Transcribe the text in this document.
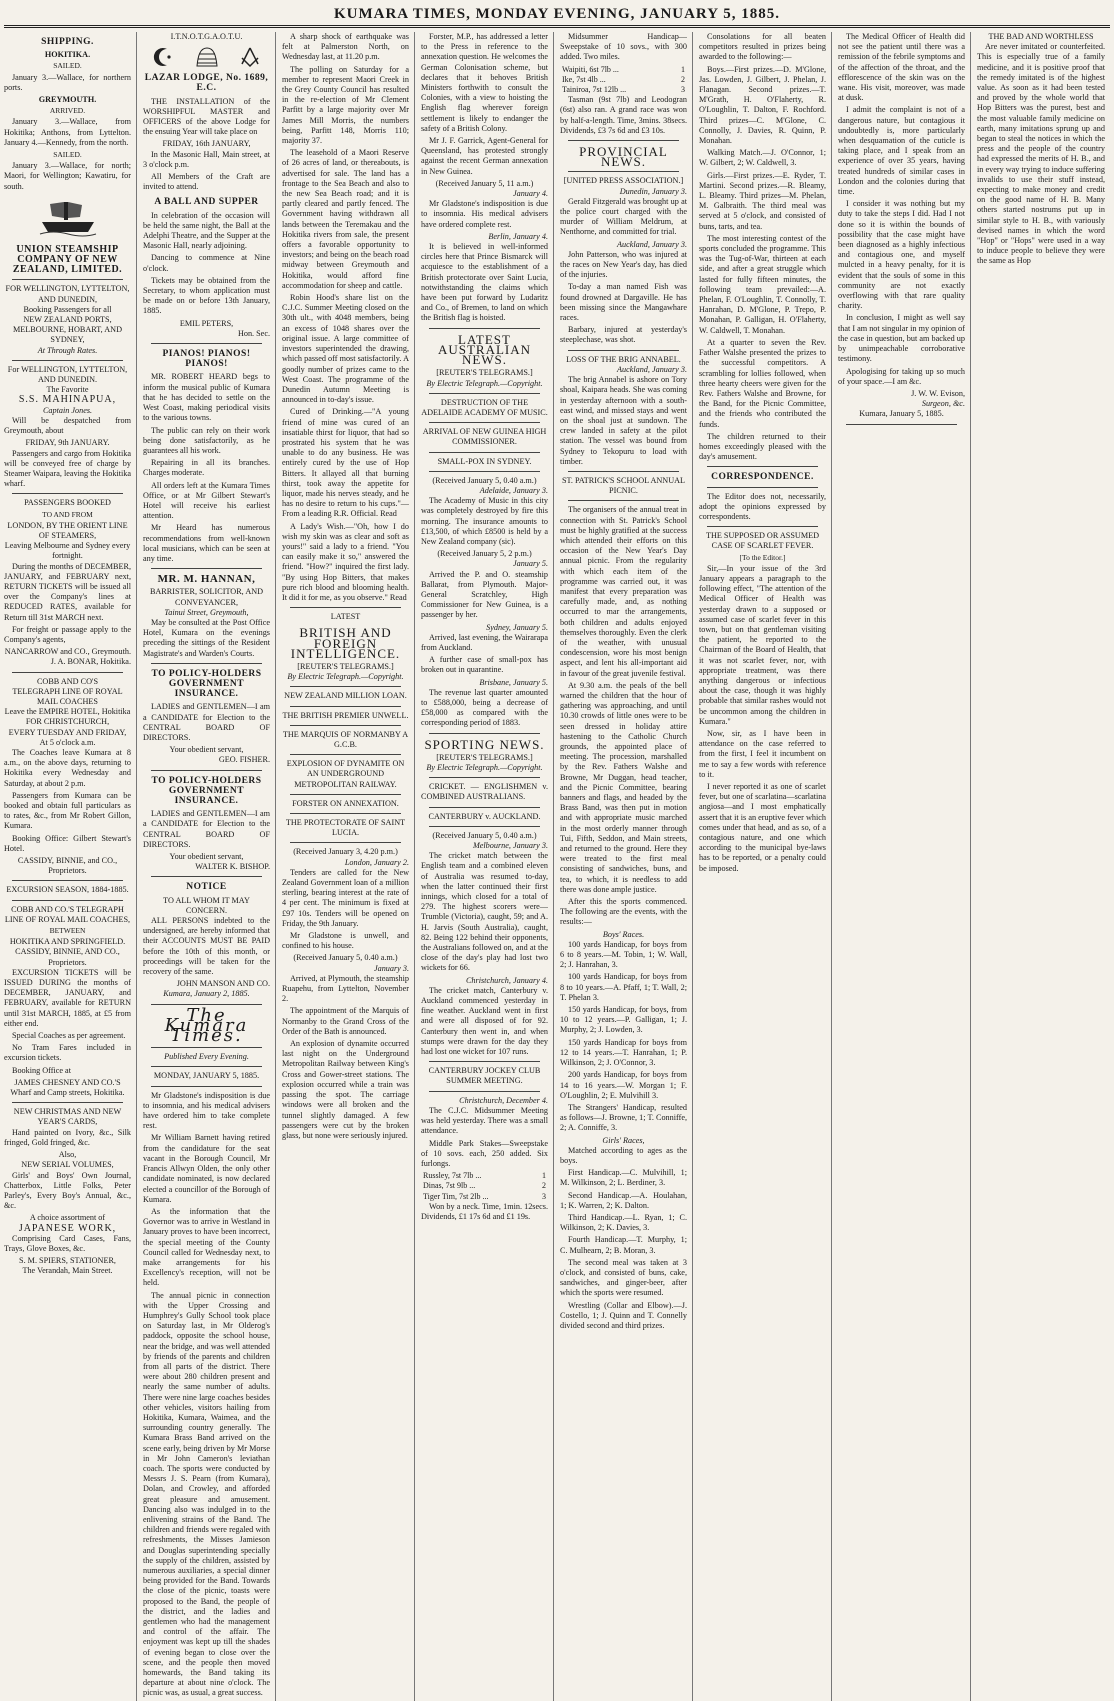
KUMARA TIMES, MONDAY EVENING, JANUARY 5, 1885.
SHIPPING.
HOKITIKA.
SAILED.

January 3.—Wallace, for northern ports.

GREYMOUTH.
ARRIVED.

January 3.—Wallace, from Hokitika; Anthons, from Lyttelton. January 4.—Kennedy, from the north.

SAILED.

January 3.—Wallace, for north; Maori, for Wellington; Kawatiru, for south.

UNION STEAMSHIP COMPANY OF NEW ZEALAND, LIMITED.
FOR WELLINGTON, LYTTELTON, AND DUNEDIN,
Booking Passengers for all
NEW ZEALAND PORTS, MELBOURNE, HOBART, AND SYDNEY,
At Through Rates.
For WELLINGTON, LYTTELTON, AND DUNEDIN.
The Favorite
S.S. MAHINAPUA,
Captain Jones.

Will be despatched from Greymouth, about

FRIDAY, 9th JANUARY.

Passengers and cargo from Hokitika will be conveyed free of charge by Steamer Waipara, leaving the Hokitika wharf.

PASSENGERS BOOKED
TO AND FROM
LONDON, BY THE ORIENT LINE OF STEAMERS,
Leaving Melbourne and Sydney every fortnight.

During the months of DECEMBER, JANUARY, and FEBRUARY next, RETURN TICKETS will be issued all over the Company's lines at REDUCED RATES, available for Return till 31st MARCH next.

For freight or passage apply to the Company's agents,

NANCARROW and CO., Greymouth.
J. A. BONAR, Hokitika.
COBB AND CO'S
TELEGRAPH LINE OF ROYAL MAIL COACHES
Leave the EMPIRE HOTEL, Hokitika
FOR CHRISTCHURCH,
EVERY TUESDAY AND FRIDAY,
At 5 o'clock a.m.

The Coaches leave Kumara at 8 a.m., on the above days, returning to Hokitika every Wednesday and Saturday, at about 2 p.m.

Passengers from Kumara can be booked and obtain full particulars as to rates, &c., from Mr Robert Gillon, Kumara.

Booking Office: Gilbert Stewart's Hotel.

CASSIDY, BINNIE, and CO., Proprietors.
EXCURSION SEASON, 1884-1885.
COBB AND CO.'S TELEGRAPH LINE OF ROYAL MAIL COACHES,
BETWEEN
HOKITIKA AND SPRINGFIELD.
CASSIDY, BINNIE, AND CO., Proprietors.

EXCURSION TICKETS will be ISSUED DURING the months of DECEMBER, JANUARY, and FEBRUARY, available for RETURN until 31st MARCH, 1885, at £5 from either end.

Special Coaches as per agreement.

No Tram Fares included in excursion tickets.

Booking Office at

JAMES CHESNEY AND CO.'S
Wharf and Camp streets, Hokitika.
NEW CHRISTMAS AND NEW YEAR'S CARDS,

Hand painted on Ivory, &c., Silk fringed, Gold fringed, &c.

Also,
NEW SERIAL VOLUMES,

Girls' and Boys' Own Journal, Chatterbox, Little Folks, Peter Parley's, Every Boy's Annual, &c., &c.

A choice assortment of
JAPANESE WORK,

Comprising Card Cases, Fans, Trays, Glove Boxes, &c.

S. M. SPIERS, STATIONER,
The Verandah, Main Street.
I.T.N.O.T.G.A.O.T.U.
LAZAR LODGE, No. 1689, E.C.

THE INSTALLATION of the WORSHIPFUL MASTER and OFFICERS of the above Lodge for the ensuing Year will take place on

FRIDAY, 16th JANUARY,

In the Masonic Hall, Main street, at 3 o'clock p.m.

All Members of the Craft are invited to attend.

A BALL AND SUPPER

In celebration of the occasion will be held the same night, the Ball at the Adelphi Theatre, and the Supper at the Masonic Hall, nearly adjoining.

Dancing to commence at Nine o'clock.

Tickets may be obtained from the Secretary, to whom application must be made on or before 13th January, 1885.

EMIL PETERS,
Hon. Sec.
PIANOS! PIANOS! PIANOS!

MR. ROBERT HEARD begs to inform the musical public of Kumara that he has decided to settle on the West Coast, making periodical visits to the various towns.

The public can rely on their work being done satisfactorily, as he guarantees all his work.

Repairing in all its branches. Charges moderate.

All orders left at the Kumara Times Office, or at Mr Gilbert Stewart's Hotel will receive his earliest attention.

Mr Heard has numerous recommendations from well-known local musicians, which can be seen at any time.

MR. M. HANNAN,
BARRISTER, SOLICITOR, AND CONVEYANCER,
Tainui Street, Greymouth,

May be consulted at the Post Office Hotel, Kumara on the evenings preceding the sittings of the Resident Magistrate's and Warden's Courts.

TO POLICY-HOLDERS GOVERNMENT INSURANCE.

LADIES and GENTLEMEN—I am a CANDIDATE for Election to the CENTRAL BOARD OF DIRECTORS.

Your obedient servant,
GEO. FISHER.
TO POLICY-HOLDERS GOVERNMENT INSURANCE.

LADIES and GENTLEMEN—I am a CANDIDATE for Election to the CENTRAL BOARD OF DIRECTORS.

Your obedient servant,
WALTER K. BISHOP.
NOTICE
TO ALL WHOM IT MAY CONCERN.

ALL PERSONS indebted to the undersigned, are hereby informed that their ACCOUNTS MUST BE PAID before the 10th of this month, or proceedings will be taken for the recovery of the same.

JOHN MANSON AND CO.
Kumara, January 2, 1885.
The Kumara Times.
Published Every Evening.
MONDAY, JANUARY 5, 1885.

Mr Gladstone's indisposition is due to insomnia, and his medical advisers have ordered him to take complete rest.

Mr William Barnett having retired from the candidature for the seat vacant in the Borough Council, Mr Francis Allwyn Olden, the only other candidate nominated, is now declared elected a councillor of the Borough of Kumara.

As the information that the Governor was to arrive in Westland in January proves to have been incorrect, the special meeting of the County Council called for Wednesday next, to make arrangements for his Excellency's reception, will not be held.

The annual picnic in connection with the Upper Crossing and Humphrey's Gully School took place on Saturday last, in Mr Olderog's paddock, opposite the school house, near the bridge, and was well attended by friends of the parents and children from all parts of the district. There were about 280 children present and nearly the same number of adults. There were nine large coaches besides other vehicles, visitors hailing from Hokitika, Kumara, Waimea, and the surrounding country generally. The Kumara Brass Band arrived on the scene early, being driven by Mr Morse in Mr John Cameron's leviathan coach. The sports were conducted by Messrs J. S. Pearn (from Kumara), Dolan, and Crowley, and afforded great pleasure and amusement. Dancing also was indulged in to the enlivening strains of the Band. The children and friends were regaled with refreshments, the Misses Jamieson and Douglas superintending specially the supply of the children, assisted by numerous auxiliaries, a special dinner being provided for the Band. Towards the close of the picnic, toasts were proposed to the Band, the people of the district, and the ladies and gentlemen who had the management and control of the affair. The enjoyment was kept up till the shades of evening began to close over the scene, and the people then moved homewards, the Band taking its departure at about nine o'clock. The picnic was, as usual, a great success.

A sharp shock of earthquake was felt at Palmerston North, on Wednesday last, at 11.20 p.m.

The polling on Saturday for a member to represent Maori Creek in the Grey County Council has resulted in the re-election of Mr Clement Parfitt by a large majority over Mr James Mill Morris, the numbers being, Parfitt 148, Morris 110; majority 37.

The leasehold of a Maori Reserve of 26 acres of land, or thereabouts, is advertised for sale. The land has a frontage to the Sea Beach and also to the new Sea Beach road; and it is partly cleared and partly fenced. The Government having withdrawn all lands between the Teremakau and the Hokitika rivers from sale, the present offers a favorable opportunity to investors; and being on the beach road midway between Greymouth and Hokitika, would afford fine accommodation for sheep and cattle.

Robin Hood's share list on the C.J.C. Summer Meeting closed on the 30th ult., with 4048 members, being an excess of 1048 shares over the original issue. A large committee of investors superintended the drawing, which passed off most satisfactorily. A goodly number of prizes came to the West Coast. The programme of the Dunedin Autumn Meeting is announced in to-day's issue.

Cured of Drinking.—"A young friend of mine was cured of an insatiable thirst for liquor, that had so prostrated his system that he was unable to do any business. He was entirely cured by the use of Hop Bitters. It allayed all that burning thirst, took away the appetite for liquor, made his nerves steady, and he has no desire to return to his cups."—From a leading R.R. Official. Read

A Lady's Wish.—"Oh, how I do wish my skin was as clear and soft as yours!" said a lady to a friend. "You can easily make it so," answered the friend. "How?" inquired the first lady. "By using Hop Bitters, that makes pure rich blood and blooming health. It did it for me, as you observe." Read

LATEST
BRITISH AND FOREIGN INTELLIGENCE.
[REUTER'S TELEGRAMS.]
By Electric Telegraph.—Copyright.
NEW ZEALAND MILLION LOAN.
THE BRITISH PREMIER UNWELL.
THE MARQUIS OF NORMANBY A G.C.B.
EXPLOSION OF DYNAMITE ON AN UNDERGROUND METROPOLITAN RAILWAY.
FORSTER ON ANNEXATION.
THE PROTECTORATE OF SAINT LUCIA.
(Received January 3, 4.20 p.m.)
London, January 2.

Tenders are called for the New Zealand Government loan of a million sterling, bearing interest at the rate of 4 per cent. The minimum is fixed at £97 10s. Tenders will be opened on Friday, the 9th January.

Mr Gladstone is unwell, and confined to his house.

(Received January 5, 0.40 a.m.)
January 3.

Arrived, at Plymouth, the steamship Ruapehu, from Lyttelton, November 2.

The appointment of the Marquis of Normanby to the Grand Cross of the Order of the Bath is announced.

An explosion of dynamite occurred last night on the Underground Metropolitan Railway between King's Cross and Gower-street stations. The explosion occurred while a train was passing the spot. The carriage windows were all broken and the tunnel slightly damaged. A few passengers were cut by the broken glass, but none were seriously injured.

Forster, M.P., has addressed a letter to the Press in reference to the annexation question. He welcomes the German Colonisation scheme, but declares that it behoves British Ministers forthwith to consult the Colonies, with a view to hoisting the English flag wherever foreign settlement is likely to endanger the safety of a British Colony.

Mr J. F. Garrick, Agent-General for Queensland, has protested strongly against the recent German annexation in New Guinea.

(Received January 5, 11 a.m.)
January 4.

Mr Gladstone's indisposition is due to insomnia. His medical advisers have ordered complete rest.

Berlin, January 4.

It is believed in well-informed circles here that Prince Bismarck will acquiesce to the establishment of a British protectorate over Saint Lucia, notwithstanding the claims which have been put forward by Ludaritz and Co., of Bremen, to land on which the British flag is hoisted.

LATEST AUSTRALIAN NEWS.
[REUTER'S TELEGRAMS.]
By Electric Telegraph.—Copyright.
DESTRUCTION OF THE ADELAIDE ACADEMY OF MUSIC.
ARRIVAL OF NEW GUINEA HIGH COMMISSIONER.
SMALL-POX IN SYDNEY.
(Received January 5, 0.40 a.m.)
Adelaide, January 3.

The Academy of Music in this city was completely destroyed by fire this morning. The insurance amounts to £13,500, of which £8500 is held by a New Zealand company (sic).

(Received January 5, 2 p.m.)
January 5.

Arrived the P. and O. steamship Ballarat, from Plymouth. Major-General Scratchley, High Commissioner for New Guinea, is a passenger by her.

Sydney, January 5.

Arrived, last evening, the Wairarapa from Auckland.

A further case of small-pox has broken out in quarantine.

Brisbane, January 5.

The revenue last quarter amounted to £588,000, being a decrease of £58,000 as compared with the corresponding period of 1883.

SPORTING NEWS.
[REUTER'S TELEGRAMS.]
By Electric Telegraph.—Copyright.

CRICKET. — ENGLISHMEN v. COMBINED AUSTRALIANS.

CANTERBURY v. AUCKLAND.
(Received January 5, 0.40 a.m.)
Melbourne, January 3.

The cricket match between the English team and a combined eleven of Australia was resumed to-day, when the latter continued their first innings, which closed for a total of 279. The highest scorers were—Trumble (Victoria), caught, 59; and A. H. Jarvis (South Australia), caught, 82. Being 122 behind their opponents, the Australians followed on, and at the close of the day's play had lost two wickets for 66.

Christchurch, January 4.

The cricket match, Canterbury v. Auckland commenced yesterday in fine weather. Auckland went in first and were all disposed of for 92. Canterbury then went in, and when stumps were drawn for the day they had lost one wicket for 107 runs.

CANTERBURY JOCKEY CLUB SUMMER MEETING.
Christchurch, December 4.

The C.J.C. Midsummer Meeting was held yesterday. There was a small attendance.

Middle Park Stakes—Sweepstake of 10 sovs. each, 250 added. Six furlongs.

Russley, 7st 7lb ...	1
Dinas, 7st 9lb ...	2
Tiger Tim, 7st 2lb ...	3

Won by a neck. Time, 1min. 12secs. Dividends, £1 17s 6d and £1 19s.

Midsummer Handicap—Sweepstake of 10 sovs., with 300 added. Two miles.

Waipiti, 6st 7lb ...	1
Ike, 7st 4lb ...	2
Tainiroa, 7st 12lb ...	3

Tasman (9st 7lb) and Leodogran (6st) also ran. A grand race was won by half-a-length. Time, 3mins. 38secs. Dividends, £3 7s 6d and £3 10s.

PROVINCIAL NEWS.
[UNITED PRESS ASSOCIATION.]
Dunedin, January 3.

Gerald Fitzgerald was brought up at the police court charged with the murder of William Meldrum, at Nenthorne, and committed for trial.

Auckland, January 3.

John Patterson, who was injured at the races on New Year's day, has died of the injuries.

To-day a man named Fish was found drowned at Dargaville. He has been missing since the Mangawhare races.

Barbary, injured at yesterday's steeplechase, was shot.

LOSS OF THE BRIG ANNABEL.
Auckland, January 3.

The brig Annabel is ashore on Tory shoal, Kaipara heads. She was coming in yesterday afternoon with a south-east wind, and missed stays and went on the shoal just at sundown. The crew landed in safety at the pilot station. The vessel was bound from Sydney to Tekopuru to load with timber.

ST. PATRICK'S SCHOOL ANNUAL PICNIC.

The organisers of the annual treat in connection with St. Patrick's School must be highly gratified at the success which attended their efforts on this occasion of the New Year's Day annual picnic. From the regularity with which each item of the programme was carried out, it was manifest that every preparation was carefully made, and, as nothing occurred to mar the arrangements, both children and adults enjoyed themselves thoroughly. Even the clerk of the weather, with unusual condescension, wore his most benign aspect, and lent his all-important aid in favour of the great juvenile festival.

At 9.30 a.m. the peals of the bell warned the children that the hour of gathering was approaching, and until 10.30 crowds of little ones were to be seen dressed in holiday attire hastening to the Catholic Church grounds, the appointed place of meeting. The procession, marshalled by the Rev. Fathers Walshe and Browne, Mr Duggan, head teacher, and the Picnic Committee, bearing banners and flags, and headed by the Brass Band, was then put in motion and with appropriate music marched in the most orderly manner through Tui, Fifth, Seddon, and Main streets, and returned to the ground. Here they were treated to the first meal consisting of sandwiches, buns, and tea, to which, it is needless to add there was done ample justice.

After this the sports commenced. The following are the events, with the results:—

Boys' Races.

100 yards Handicap, for boys from 6 to 8 years.—M. Tobin, 1; W. Wall, 2; J. Hanrahan, 3.

100 yards Handicap, for boys from 8 to 10 years.—A. Pfaff, 1; T. Wall, 2; T. Phelan 3.

150 yards Handicap, for boys, from 10 to 12 years.—P. Galligan, 1; J. Murphy, 2; J. Lowden, 3.

150 yards Handicap for boys from 12 to 14 years.—T. Hanrahan, 1; P. Wilkinson, 2; J. O'Connor, 3.

200 yards Handicap, for boys from 14 to 16 years.—W. Morgan 1; F. O'Loughlin, 2; E. Mulvihill 3.

The Strangers' Handicap, resulted as follows—J. Browne, 1; T. Conniffe, 2; A. Conniffe, 3.

Girls' Races,

Matched according to ages as the boys.

First Handicap.—C. Mulvihill, 1; M. Wilkinson, 2; L. Berdiner, 3.

Second Handicap.—A. Houlahan, 1; K. Warren, 2; K. Dalton.

Third Handicap.—L. Ryan, 1; C. Wilkinson, 2; K. Davies, 3.

Fourth Handicap.—T. Murphy, 1; C. Mulhearn, 2; B. Moran, 3.

The second meal was taken at 3 o'clock, and consisted of buns, cake, sandwiches, and ginger-beer, after which the sports were resumed.

Wrestling (Collar and Elbow).—J. Costello, 1; J. Quinn and T. Connelly divided second and third prizes.

Consolations for all beaten competitors resulted in prizes being awarded to the following:—

Boys.—First prizes.—D. M'Glone, Jas. Lowden, J. Gilbert, J. Phelan, J. Flanagan. Second prizes.—T. M'Grath, H. O'Flaherty, R. O'Loughlin, T. Dalton, F. Rochford. Third prizes—C. M'Glone, C. Connolly, J. Davies, R. Quinn, P. Monahan.

Walking Match.—J. O'Connor, 1; W. Gilbert, 2; W. Caldwell, 3.

Girls.—First prizes.—E. Ryder, T. Martini. Second prizes.—R. Bleamy, L. Bleamy. Third prizes—M. Phelan, M. Galbraith. The third meal was served at 5 o'clock, and consisted of buns, tarts, and tea.

The most interesting contest of the sports concluded the programme. This was the Tug-of-War, thirteen at each side, and after a great struggle which lasted for fully fifteen minutes, the following team prevailed:—A. Phelan, F. O'Loughlin, T. Connolly, T. Hanrahan, D. M'Glone, P. Trepo, P. Monahan, P. Galligan, H. O'Flaherty, W. Caldwell, T. Monahan.

At a quarter to seven the Rev. Father Walshe presented the prizes to the successful competitors. A scrambling for lollies followed, when three hearty cheers were given for the Rev. Fathers Walshe and Browne, for the Band, for the Picnic Committee, and the friends who contributed the funds.

The children returned to their homes exceedingly pleased with the day's amusement.

CORRESPONDENCE.

The Editor does not, necessarily, adopt the opinions expressed by correspondents.

THE SUPPOSED OR ASSUMED CASE OF SCARLET FEVER.
[To the Editor.]

Sir,—In your issue of the 3rd January appears a paragraph to the following effect, "The attention of the Medical Officer of Health was yesterday drawn to a supposed or assumed case of scarlet fever in this town, but on that gentleman visiting the patient, he reported to the Chairman of the Board of Health, that it was not scarlet fever, nor, with appropriate treatment, was there anything dangerous or infectious about the case, though it was highly probable that similar rashes would not be uncommon among the children in Kumara."

Now, sir, as I have been in attendance on the case referred to from the first, I feel it incumbent on me to say a few words with reference to it.

I never reported it as one of scarlet fever, but one of scarlatina—scarlatina angiosa—and I most emphatically assert that it is an eruptive fever which comes under that head, and as so, of a contagious nature, and one which according to the municipal bye-laws has to be reported, or a penalty could be imposed.

The Medical Officer of Health did not see the patient until there was a remission of the febrile symptoms and of the affection of the throat, and the efflorescence of the skin was on the wane. His visit, moreover, was made at dusk.

I admit the complaint is not of a dangerous nature, but contagious it undoubtedly is, more particularly when desquamation of the cuticle is taking place, and I speak from an experience of over 35 years, having treated hundreds of similar cases in London and the colonies during that time.

I consider it was nothing but my duty to take the steps I did. Had I not done so it is within the bounds of possibility that the case might have been diagnosed as a highly infectious and contagious one, and myself mulcted in a heavy penalty, for it is evident that the souls of some in this community are not exactly overflowing with that rare quality charity.

In conclusion, I might as well say that I am not singular in my opinion of the case in question, but am backed up by unimpeachable corroborative testimony.

Apologising for taking up so much of your space.—I am &c.

J. W. W. Evison,
Surgeon, &c.
Kumara, January 5, 1885.
THE BAD AND WORTHLESS

Are never imitated or counterfeited. This is especially true of a family medicine, and it is positive proof that the remedy imitated is of the highest value. As soon as it had been tested and proved by the whole world that Hop Bitters was the purest, best and the most valuable family medicine on earth, many imitations sprung up and began to steal the notices in which the press and the people of the country had expressed the merits of H. B., and in every way trying to induce suffering invalids to use their stuff instead, expecting to make money and credit on the good name of H. B. Many others started nostrums put up in similar style to H. B., with variously devised names in which the word "Hop" or "Hops" were used in a way to induce people to believe they were the same as Hop
